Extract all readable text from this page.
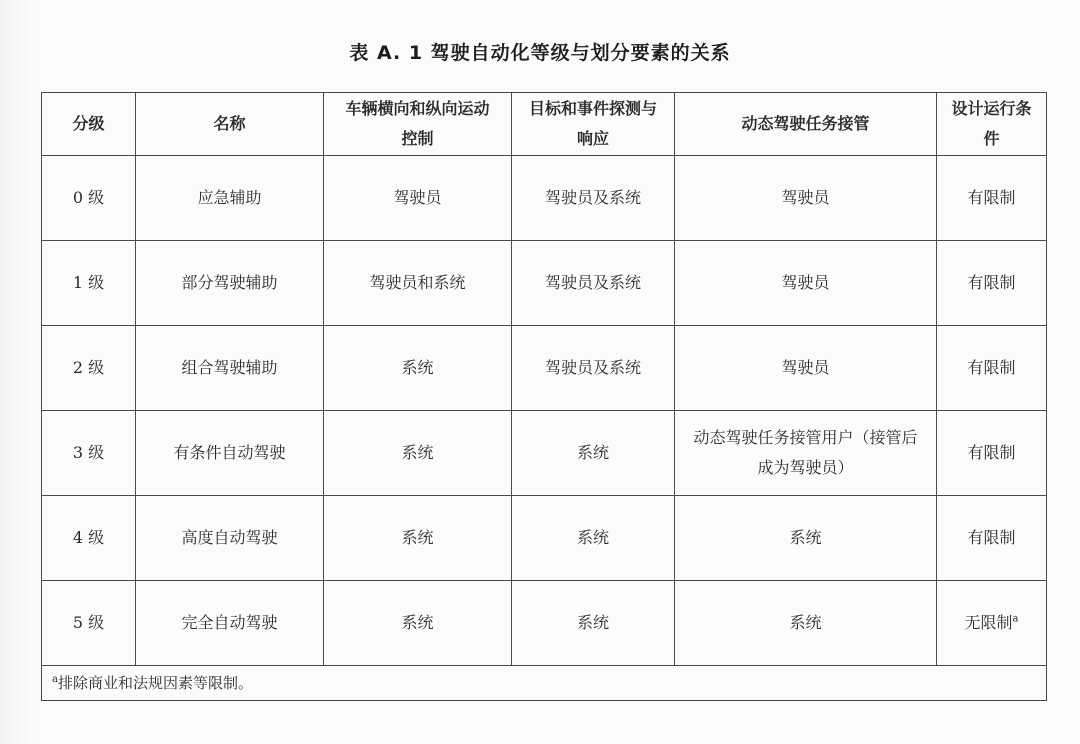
表 A. 1 驾驶自动化等级与划分要素的关系
分级	名称	车辆横向和纵向运动控制	目标和事件探测与响应	动态驾驶任务接管	设计运行条件
0 级	应急辅助	驾驶员	驾驶员及系统	驾驶员	有限制
1 级	部分驾驶辅助	驾驶员和系统	驾驶员及系统	驾驶员	有限制
2 级	组合驾驶辅助	系统	驾驶员及系统	驾驶员	有限制
3 级	有条件自动驾驶	系统	系统	动态驾驶任务接管用户（接管后成为驾驶员）	有限制
4 级	高度自动驾驶	系统	系统	系统	有限制
5 级	完全自动驾驶	系统	系统	系统	无限制$^a$
$^a$排除商业和法规因素等限制。					
